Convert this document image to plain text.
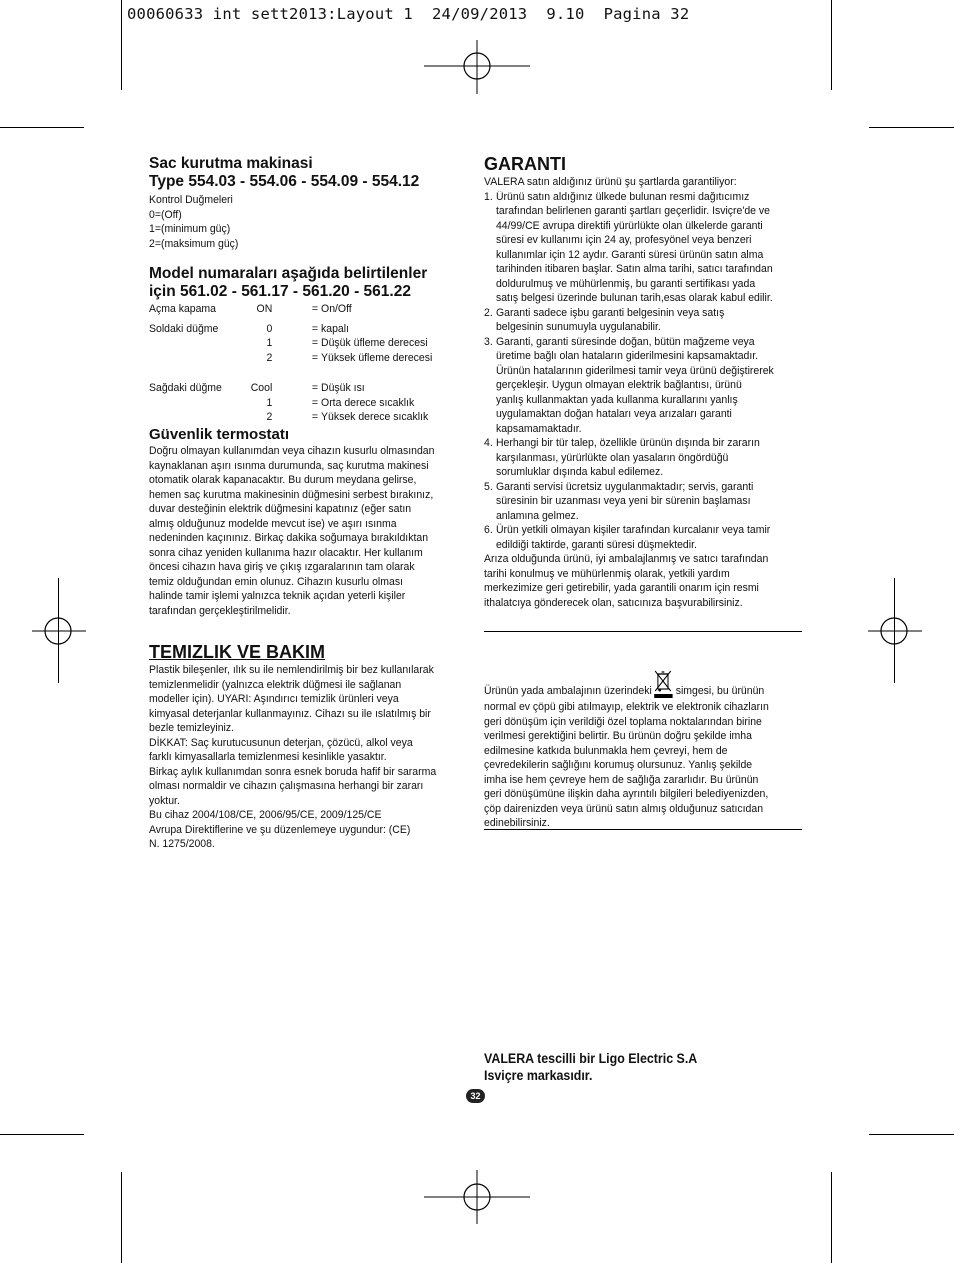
00060633 int sett2013:Layout 1  24/09/2013  9.10  Pagina 32
Sac kurutma makinasi
Type 554.03 - 554.06 - 554.09 - 554.12
Kontrol Duğmeleri
0=(Off)
1=(minimum güç)
2=(maksimum güç)
Model numaraları aşağıda belirtilenler
için 561.02 - 561.17 - 561.20 - 561.22
Açma kapama	ON	= On/Off
Soldaki düğme	0	= kapalı
1	= Düşük üfleme derecesi
2	= Yüksek üfleme derecesi
Sağdaki düğme	Cool	= Düşük ısı
1	= Orta derece sıcaklık
2	= Yüksek derece sıcaklık
Güvenlik termostatı
Doğru olmayan kullanımdan veya cihazın kusurlu olmasından
kaynaklanan aşırı ısınma durumunda, saç kurutma makinesi
otomatik olarak kapanacaktır. Bu durum meydana gelirse,
hemen saç kurutma makinesinin düğmesini serbest bırakınız,
duvar desteğinin elektrik düğmesini kapatınız (eğer satın
almış olduğunuz modelde mevcut ise) ve aşırı ısınma
nedeninden kaçınınız. Birkaç dakika soğumaya bırakıldıktan
sonra cihaz yeniden kullanıma hazır olacaktır. Her kullanım
öncesi cihazın hava giriş ve çıkış ızgaralarının tam olarak
temiz olduğundan emin olunuz. Cihazın kusurlu olması
halinde tamir işlemi yalnızca teknik açıdan yeterli kişiler
tarafından gerçekleştirilmelidir.
TEMIZLIK VE BAKIM
Plastik bileşenler, ılık su ile nemlendirilmiş bir bez kullanılarak
temizlenmelidir (yalnızca elektrik düğmesi ile sağlanan
modeller için). UYARI: Aşındırıcı temizlik ürünleri veya
kimyasal deterjanlar kullanmayınız. Cihazı su ile ıslatılmış bir
bezle temizleyiniz.
DİKKAT: Saç kurutucusunun deterjan, çözücü, alkol veya
farklı kimyasallarla temizlenmesi kesinlikle yasaktır.
Birkaç aylık kullanımdan sonra esnek boruda hafif bir sararma
olması normaldir ve cihazın çalışmasına herhangi bir zararı
yoktur.
Bu cihaz 2004/108/CE, 2006/95/CE, 2009/125/CE
Avrupa Direktiflerine ve şu düzenlemeye uygundur: (CE)
N. 1275/2008.
GARANTI
VALERA satın aldığınız ürünü şu şartlarda garantiliyor:
1. Ürünü satın aldığınız ülkede bulunan resmi dağıtıcımız
tarafından belirlenen garanti şartları geçerlidir. Isviçre'de ve
44/99/CE avrupa direktifi yürürlükte olan ülkelerde garanti
süresi ev kullanımı için 24 ay, profesyönel veya benzeri
kullanımlar için 12 aydır. Garanti süresi ürünün satın alma
tarihinden itibaren başlar. Satın alma tarihi, satıcı tarafından
doldurulmuş ve mühürlenmiş, bu garanti sertifikası yada
satış belgesi üzerinde bulunan tarih,esas olarak kabul edilir.
2. Garanti sadece işbu garanti belgesinin veya satış
belgesinin sunumuyla uygulanabilir.
3. Garanti, garanti süresinde doğan, bütün mağzeme veya
üretime bağlı olan hataların giderilmesini kapsamaktadır.
Ürünün hatalarının giderilmesi tamir veya ürünü değiştirerek
gerçekleşir. Uygun olmayan elektrik bağlantısı, ürünü
yanlış kullanmaktan yada kullanma kurallarını yanlış
uygulamaktan doğan hataları veya arızaları garanti
kapsamamaktadır.
4. Herhangi bir tür talep, özellikle ürünün dışında bir zararın
karşılanması, yürürlükte olan yasaların öngördüğü
sorumluklar dışında kabul edilemez.
5. Garanti servisi ücretsiz uygulanmaktadır; servis, garanti
süresinin bir uzanması veya yeni bir sürenin başlaması
anlamına gelmez.
6. Ürün yetkili olmayan kişiler tarafından kurcalanır veya tamir
edildiği taktirde, garanti süresi düşmektedir.
Arıza olduğunda ürünü, iyi ambalajlanmış ve satıcı tarafından
tarihi konulmuş ve mühürlenmiş olarak, yetkili yardım
merkezimize geri getirebilir, yada garantili onarım için resmi
ithalatcıya gönderecek olan, satıcınıza başvurabilirsiniz.
Ürünün yada ambalajının üzerindeki simgesi, bu ürünün
normal ev çöpü gibi atılmayıp, elektrik ve elektronik cihazların
geri dönüşüm için verildiği özel toplama noktalarından birine
verilmesi gerektiğini belirtir. Bu ürünün doğru şekilde imha
edilmesine katkıda bulunmakla hem çevreyi, hem de
çevredekilerin sağlığını korumuş olursunuz. Yanlış şekilde
imha ise hem çevreye hem de sağlığa zararlıdır. Bu ürünün
geri dönüşümüne ilişkin daha ayrıntılı bilgileri belediyenizden,
çöp dairenizden veya ürünü satın almış olduğunuz satıcıdan
edinebilirsiniz.
VALERA tescilli bir Ligo Electric S.A
Isviçre markasıdır.
32
